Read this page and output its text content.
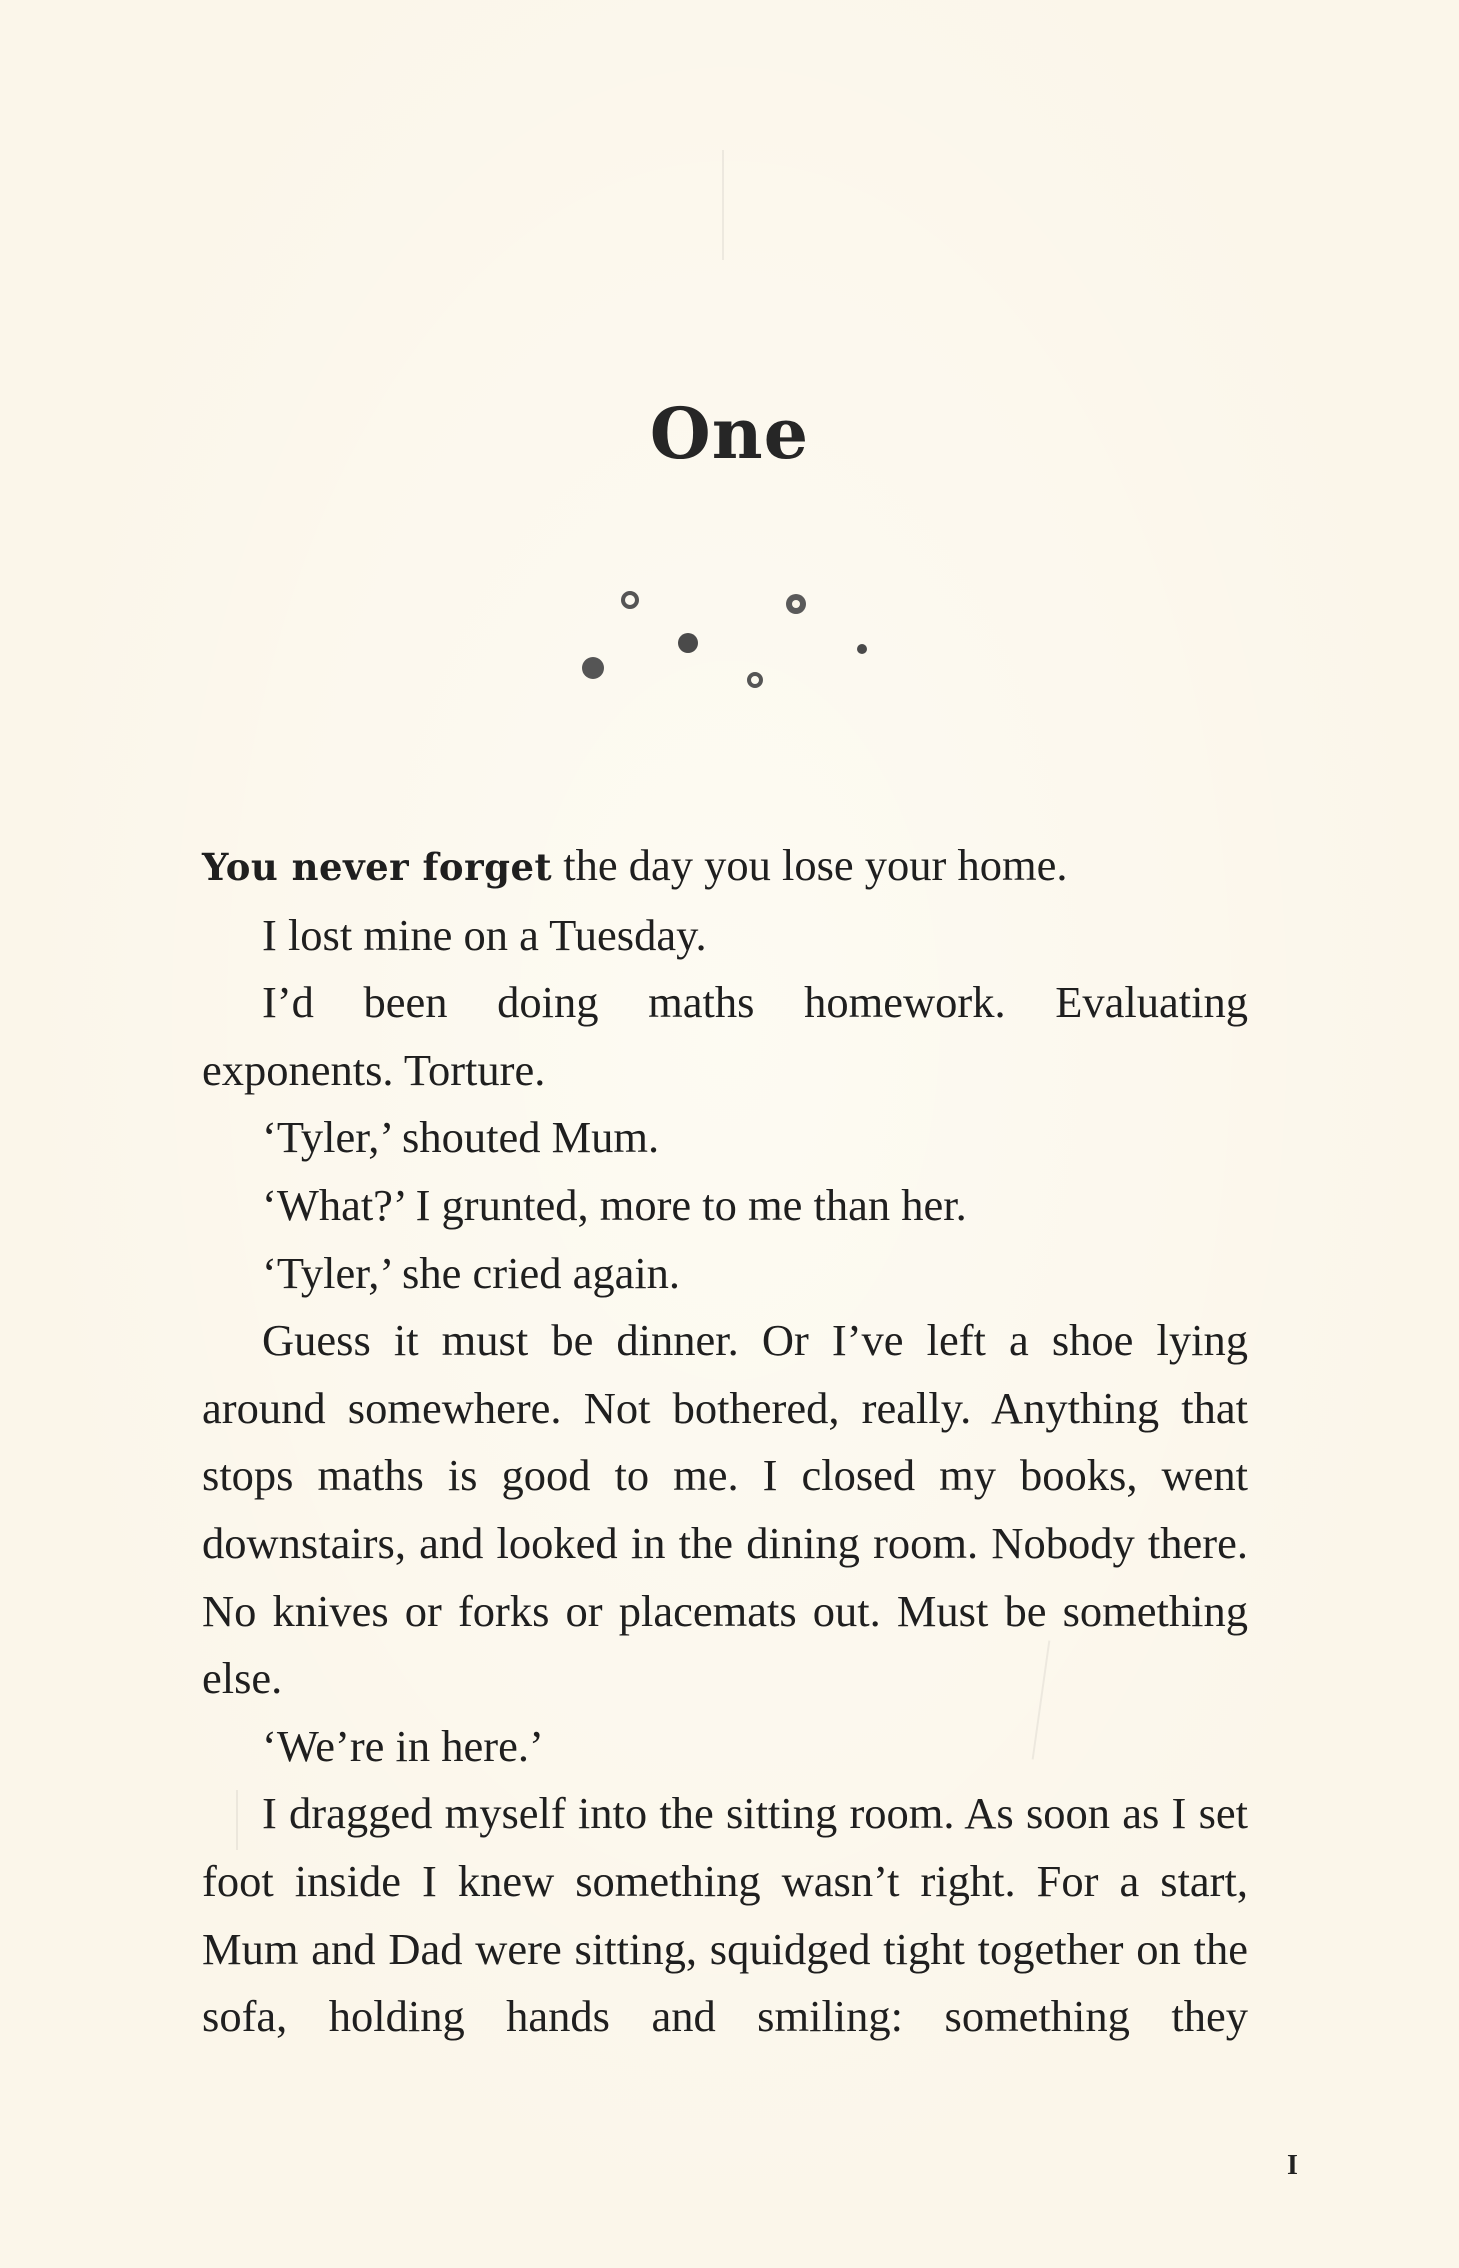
One

You never forget the day you lose your home.

I lost mine on a Tuesday.

I’d been doing maths homework. Evaluating exponents. Torture.

‘Tyler,’ shouted Mum.

‘What?’ I grunted, more to me than her.

‘Tyler,’ she cried again.

Guess it must be dinner. Or I’ve left a shoe lying around somewhere. Not bothered, really. Anything that stops maths is good to me. I closed my books, went downstairs, and looked in the dining room. Nobody there. No knives or forks or placemats out. Must be something else.

‘We’re in here.’

I dragged myself into the sitting room. As soon as I set foot inside I knew something wasn’t right. For a start, Mum and Dad were sitting, squidged tight together on the sofa, holding hands and smiling: something they

I
